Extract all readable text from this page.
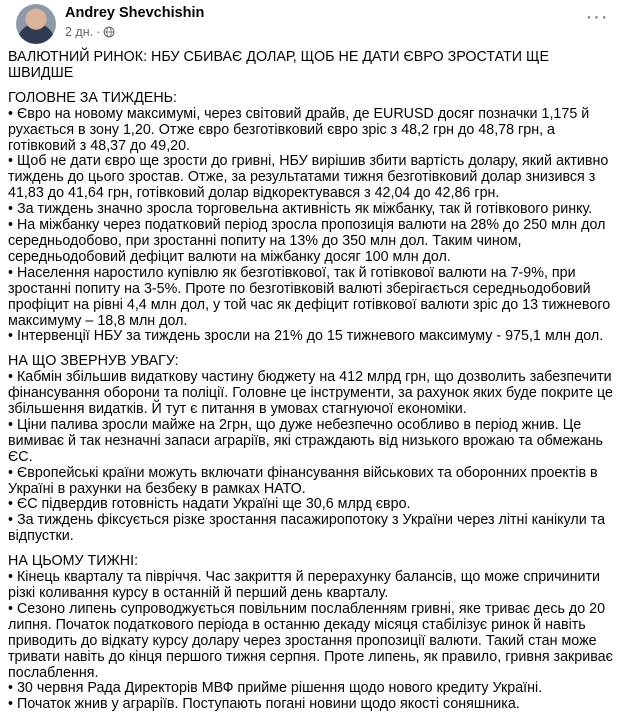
Andrey Shevchishin
2 дн. ·
···

ВАЛЮТНИЙ РИНОК: НБУ СБИВАЄ ДОЛАР, ЩОБ НЕ ДАТИ ЄВРО ЗРОСТАТИ ЩЕ ШВИДШЕ

ГОЛОВНЕ ЗА ТИЖДЕНЬ:

• Євро на новому максимумі, через світовий драйв, де EURUSD досяг позначки 1,175 й рухається в зону 1,20. Отже євро безготівковий євро зріс з 48,2 грн до 48,78 грн, а готівковий з 48,37 до 49,20.

• Щоб не дати євро ще зрости до гривні, НБУ вирішив збити вартість долару, який активно тиждень до цього зростав. Отже, за результатами тижня безготівковий долар знизився з 41,83 до 41,64 грн, готівковий долар відкоректувався з 42,04 до 42,86 грн.

• За тиждень значно зросла торговельна активність як міжбанку, так й готівкового ринку.

• На міжбанку через податковий період зросла пропозиція валюти на 28% до 250 млн дол середньодобово, при зростанні попиту на 13% до 350 млн дол. Таким чином, середньодобовий дефіцит валюти на міжбанку досяг 100 млн дол.

• Населення наростило купівлю як безготівкової, так й готівкової валюти на 7-9%, при зростанні попиту на 3-5%. Проте по безготівковій валюті зберігається середньодобовий профіцит на рівні 4,4 млн дол, у той час як дефіцит готівкової валюти зріс до 13 тижневого максимуму – 18,8 млн дол.

• Інтервенції НБУ за тиждень зросли на 21% до 15 тижневого максимуму - 975,1 млн дол.

НА ЩО ЗВЕРНУВ УВАГУ:

• Кабмін збільшив видаткову частину бюджету на 412 млрд грн, що дозволить забезпечити фінансування оборони та поліції. Головне це інструменти, за рахунок яких буде покрите це збільшення видатків. Й тут є питання в умовах стагнуючої економіки.

• Ціни палива зросли майже на 2грн, що дуже небезпечно особливо в період жнив. Це вимиває й так незначні запаси аграріїв, які страждають від низького врожаю та обмежань ЄС.

• Європейські країни можуть включати фінансування військових та оборонних проектів в Україні в рахунки на безбеку в рамках НАТО.

• ЄС підвердив готовність надати Україні ще 30,6 млрд євро.

• За тиждень фіксується різке зростання пасажиропотоку з України через літні канікули та відпустки.

НА ЦЬОМУ ТИЖНІ:

• Кінець кварталу та півріччя. Час закриття й перерахунку балансів, що може спричинити різкі коливання курсу в останній й перший день кварталу.

• Сезоно липень супроводжується повільним послабленням гривні, яке триває десь до 20 липня. Початок податкового періода в останню декаду місяця стабілізує ринок й навіть приводить до відкату курсу долару через зростання пропозиції валюти. Такий стан може тривати навіть до кінця першого тижня серпня. Проте липень, як правило, гривня закриває послаблення.

• 30 червня Рада Директорів МВФ прийме рішення щодо нового кредиту Україні.

• Початок жнив у аграріїв. Поступають погані новини щодо якості соняшника.
